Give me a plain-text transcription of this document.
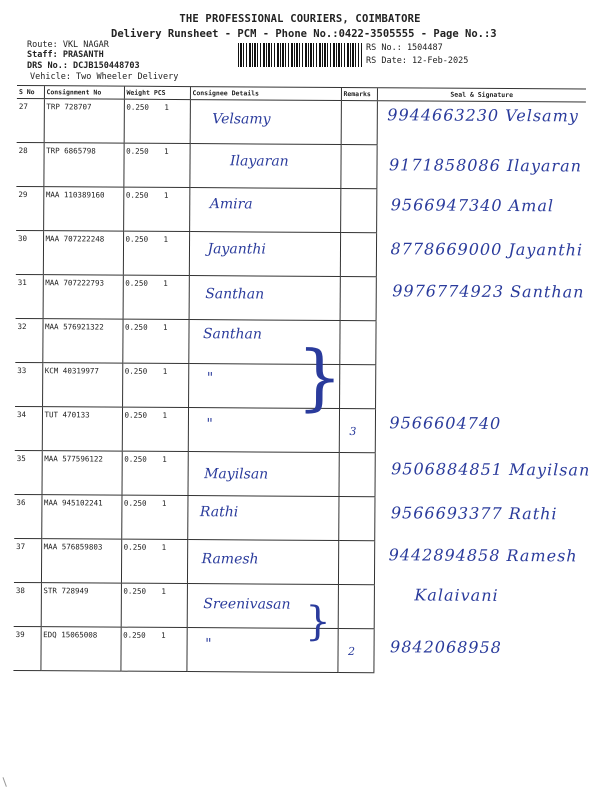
THE PROFESSIONAL COURIERS, COIMBATORE
Delivery Runsheet - PCM - Phone No.:0422-3505555 - Page No.:3
Route: VKL NAGAR
Staff: PRASANTH
DRS No.: DCJB150448703
Vehicle: Two Wheeler Delivery
RS No.: 1504487
RS Date: 12-Feb-2025
S No	Consignment No	Weight PCS	Consignee Details	Remarks	Seal & Signature
27	TRP 728707	0.250 1	Velsamy		9944663230 Velsamy

28	TRP 6865798	0.250 1	Ilayaran		9171858086 Ilayaran

29	MAA 110389160	0.250 1	Amira		9566947340 Amal

30	MAA 707222248	0.250 1	Jayanthi		8778669000 Jayanthi

31	MAA 707222793	0.250 1	Santhan		9976774923 Santhan

32	MAA 576921322	0.250 1	Santhan		

33	KCM 40319977	0.250 1	" }		

34	TUT 470133	0.250 1	"	3	9566604740

35	MAA 577596122	0.250 1	Mayilsan		9506884851 Mayilsan

36	MAA 945102241	0.250 1	Rathi		9566693377 Rathi

37	MAA 576859803	0.250 1	Ramesh		9442894858 Ramesh

38	STR 728949	0.250 1	Sreenivasan		Kalaivani

39	EDQ 15065008	0.250 1	" }	2	9842068958
